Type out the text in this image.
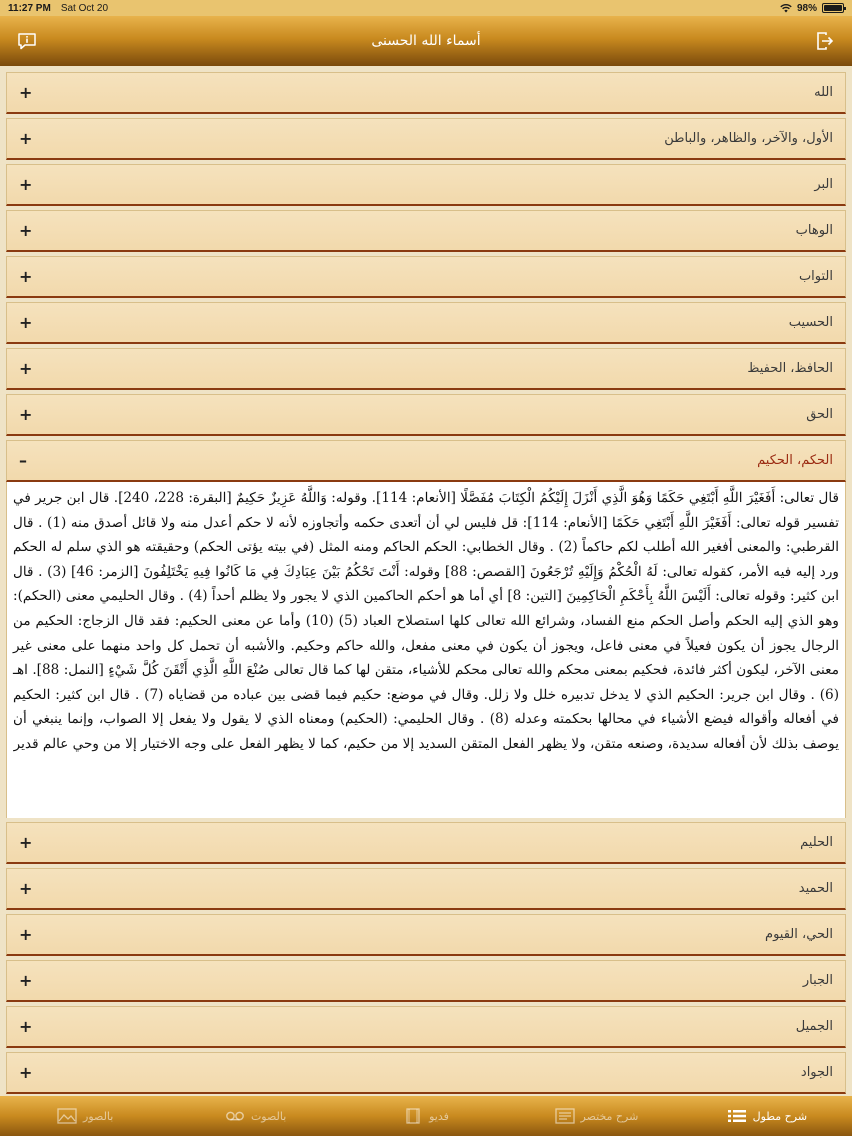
11:27 PM Sat Oct 20	98%
أسماء الله الحسنى
+	الله
+	الأول، والآخر، والظاهر، والباطن
+	البر
+	الوهاب
+	التواب
+	الحسيب
+	الحافظ، الحفيظ
+	الحق
–	الحكم، الحكيم
قال تعالى: أَفَغَيْرَ اللَّهِ أَبْتَغِي حَكَمًا وَهُوَ الَّذِي أَنْزَلَ إِلَيْكُمُ الْكِتَابَ مُفَصَّلًا [الأنعام: 114]. وقوله: وَاللَّهُ عَزِيزٌ حَكِيمٌ [البقرة: 228، 240]. قال ابن جرير في تفسير قوله تعالى: أَفَغَيْرَ اللَّهِ أَبْتَغِي حَكَمًا [الأنعام: 114]: قل فليس لي أن أتعدى حكمه وأتجاوزه لأنه لا حكم أعدل منه ولا قائل أصدق منه (1) . قال القرطبي: والمعنى أفغير الله أطلب لكم حاكماً (2) . وقال الخطابي: الحكم الحاكم ومنه المثل (في بيته يؤتى الحكم) وحقيقته هو الذي سلم له الحكم ورد إليه فيه الأمر، كقوله تعالى: لَهُ الْحُكْمُ وَإِلَيْهِ تُرْجَعُونَ [القصص: 88] وقوله: أَنْتَ تَحْكُمُ بَيْنَ عِبَادِكَ فِي مَا كَانُوا فِيهِ يَخْتَلِفُونَ [الزمر: 46] (3) . قال ابن كثير: وقوله تعالى: أَلَيْسَ اللَّهُ بِأَحْكَمِ الْحَاكِمِينَ [التين: 8] أي أما هو أحكم الحاكمين الذي لا يجور ولا يظلم أحداً (4) . وقال الحليمي معنى (الحكم): وهو الذي إليه الحكم وأصل الحكم منع الفساد، وشرائع الله تعالى كلها استصلاح العباد (5) (10) وأما عن معنى الحكيم: فقد قال الزجاج: الحكيم من الرجال يجوز أن يكون فعيلاً في معنى فاعل، ويجوز أن يكون في معنى مفعل، والله حاكم وحكيم. والأشبه أن تحمل كل واحد منهما على معنى غير معنى الآخر، ليكون أكثر فائدة، فحكيم بمعنى محكم والله تعالى محكم للأشياء، متقن لها كما قال تعالى صُنْعَ اللَّهِ الَّذِي أَتْقَنَ كُلَّ شَيْءٍ [النمل: 88]. اهـ (6) . وقال ابن جرير: الحكيم الذي لا يدخل تدبيره خلل ولا زلل. وقال في موضع: حكيم فيما قضى بين عباده من قضاياه (7) . قال ابن كثير: الحكيم في أفعاله وأقواله فيضع الأشياء في محالها بحكمته وعدله (8) . وقال الحليمي: (الحكيم) ومعناه الذي لا يقول ولا يفعل إلا الصواب، وإنما ينبغي أن يوصف بذلك لأن أفعاله سديدة، وصنعه متقن، ولا يظهر الفعل المتقن السديد إلا من حكيم، كما لا يظهر الفعل على وجه الاختيار إلا من وحي عالم قدير
+	الحليم
+	الحميد
+	الحي، القيوم
+	الجبار
+	الجميل
+	الجواد
بالصور	بالصوت	فديو	شرح مختصر	شرح مطول
